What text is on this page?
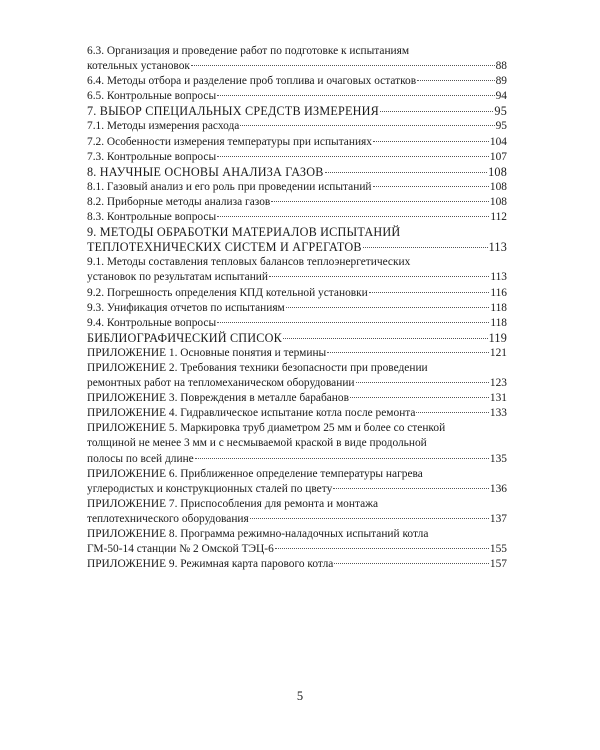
6.3. Организация и проведение работ по подготовке к испытаниям
котельных установок	88
6.4. Методы отбора и разделение проб топлива и очаговых остатков	89
6.5. Контрольные вопросы	94
7. ВЫБОР СПЕЦИАЛЬНЫХ СРЕДСТВ ИЗМЕРЕНИЯ	95
7.1. Методы измерения расхода	95
7.2. Особенности измерения температуры при испытаниях	104
7.3. Контрольные вопросы	107
8. НАУЧНЫЕ ОСНОВЫ АНАЛИЗА ГАЗОВ	108
8.1. Газовый анализ и его роль при проведении испытаний	108
8.2. Приборные методы анализа газов	108
8.3. Контрольные вопросы	112
9. МЕТОДЫ ОБРАБОТКИ МАТЕРИАЛОВ ИСПЫТАНИЙ
ТЕПЛОТЕХНИЧЕСКИХ СИСТЕМ И АГРЕГАТОВ	113
9.1. Методы составления тепловых балансов теплоэнергетических
установок по результатам испытаний	113
9.2. Погрешность определения КПД котельной установки	116
9.3. Унификация отчетов по испытаниям	118
9.4. Контрольные вопросы	118
БИБЛИОГРАФИЧЕСКИЙ СПИСОК	119
ПРИЛОЖЕНИЕ 1. Основные понятия и термины	121
ПРИЛОЖЕНИЕ 2. Требования техники безопасности при проведении
ремонтных работ на тепломеханическом оборудовании	123
ПРИЛОЖЕНИЕ 3. Повреждения в металле барабанов	131
ПРИЛОЖЕНИЕ 4. Гидравлическое испытание котла после ремонта	133
ПРИЛОЖЕНИЕ 5. Маркировка труб диаметром 25 мм и более со стенкой
толщиной не менее 3 мм и с несмываемой краской в виде продольной
полосы по всей длине	135
ПРИЛОЖЕНИЕ 6. Приближенное определение температуры нагрева
углеродистых и конструкционных сталей по цвету	136
ПРИЛОЖЕНИЕ 7. Приспособления для ремонта и монтажа
теплотехнического оборудования	137
ПРИЛОЖЕНИЕ 8. Программа режимно-наладочных испытаний котла
ГМ-50-14 станции № 2 Омской ТЭЦ-6	155
ПРИЛОЖЕНИЕ 9. Режимная карта парового котла	157
5
